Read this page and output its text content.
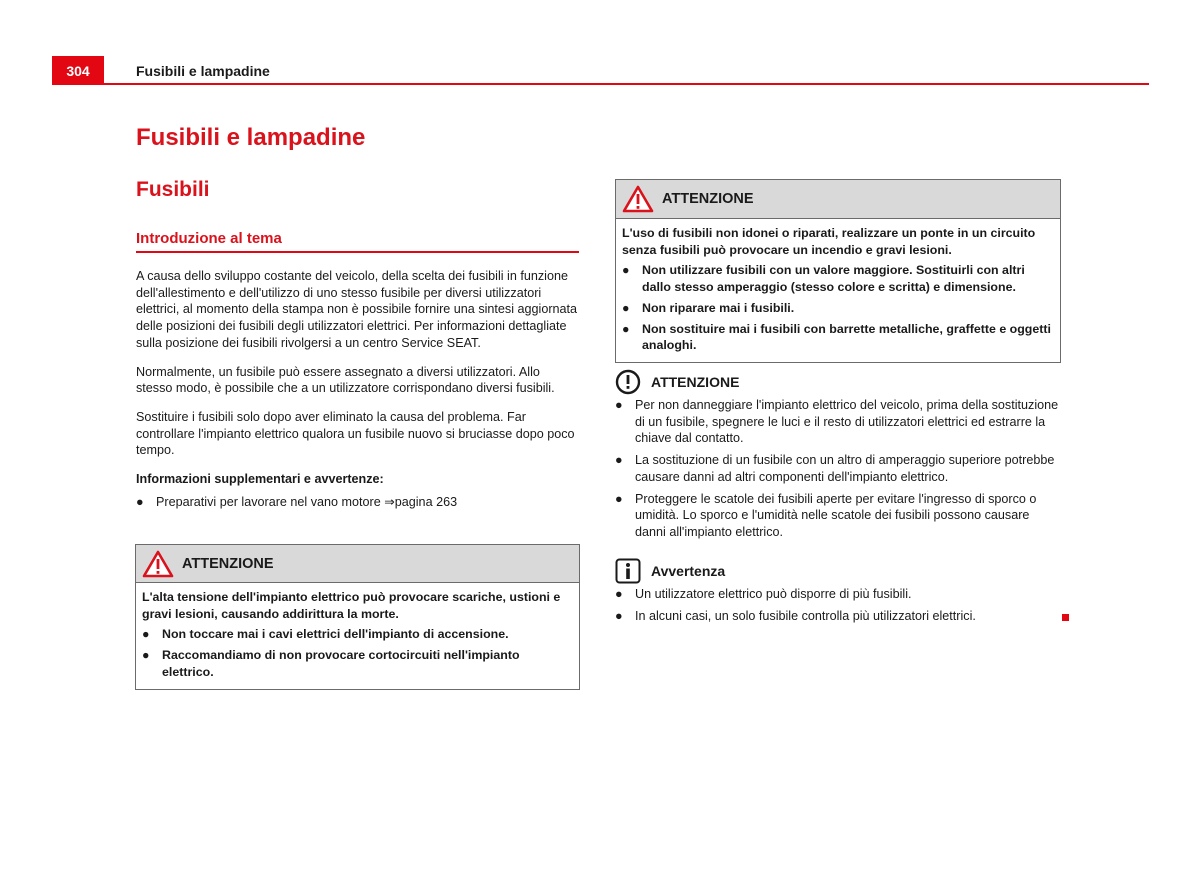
304	Fusibili e lampadine
Fusibili e lampadine
Fusibili
Introduzione al tema

A causa dello sviluppo costante del veicolo, della scelta dei fusibili in funzione dell'allestimento e dell'utilizzo di uno stesso fusibile per diversi utilizzatori elettrici, al momento della stampa non è possibile fornire una sintesi aggiornata delle posizioni dei fusibili degli utilizzatori elettrici. Per informazioni dettagliate sulla posizione dei fusibili rivolgersi a un centro Service SEAT.

Normalmente, un fusibile può essere assegnato a diversi utilizzatori. Allo stesso modo, è possibile che a un utilizzatore corrispondano diversi fusibili.

Sostituire i fusibili solo dopo aver eliminato la causa del problema. Far controllare l'impianto elettrico qualora un fusibile nuovo si bruciasse dopo poco tempo.

Informazioni supplementari e avvertenze:

● Preparativi per lavorare nel vano motore ⇒pagina 263
ATTENZIONE

L'alta tensione dell'impianto elettrico può provocare scariche, ustioni e gravi lesioni, causando addirittura la morte.

●	Non toccare mai i cavi elettrici dell'impianto di accensione.
●	Raccomandiamo di non provocare cortocircuiti nell'impianto elettrico.
ATTENZIONE

L'uso di fusibili non idonei o riparati, realizzare un ponte in un circuito senza fusibili può provocare un incendio e gravi lesioni.

●	Non utilizzare fusibili con un valore maggiore. Sostituirli con altri dallo stesso amperaggio (stesso colore e scritta) e dimensione.
●	Non riparare mai i fusibili.
●	Non sostituire mai i fusibili con barrette metalliche, graffette e oggetti analoghi.
ATTENZIONE
● Per non danneggiare l'impianto elettrico del veicolo, prima della sostituzione di un fusibile, spegnere le luci e il resto di utilizzatori elettrici ed estrarre la chiave dal contatto.
● La sostituzione di un fusibile con un altro di amperaggio superiore potrebbe causare danni ad altri componenti dell'impianto elettrico.
● Proteggere le scatole dei fusibili aperte per evitare l'ingresso di sporco o umidità. Lo sporco e l'umidità nelle scatole dei fusibili possono causare danni all'impianto elettrico.
Avvertenza
● Un utilizzatore elettrico può disporre di più fusibili.
● In alcuni casi, un solo fusibile controlla più utilizzatori elettrici.
